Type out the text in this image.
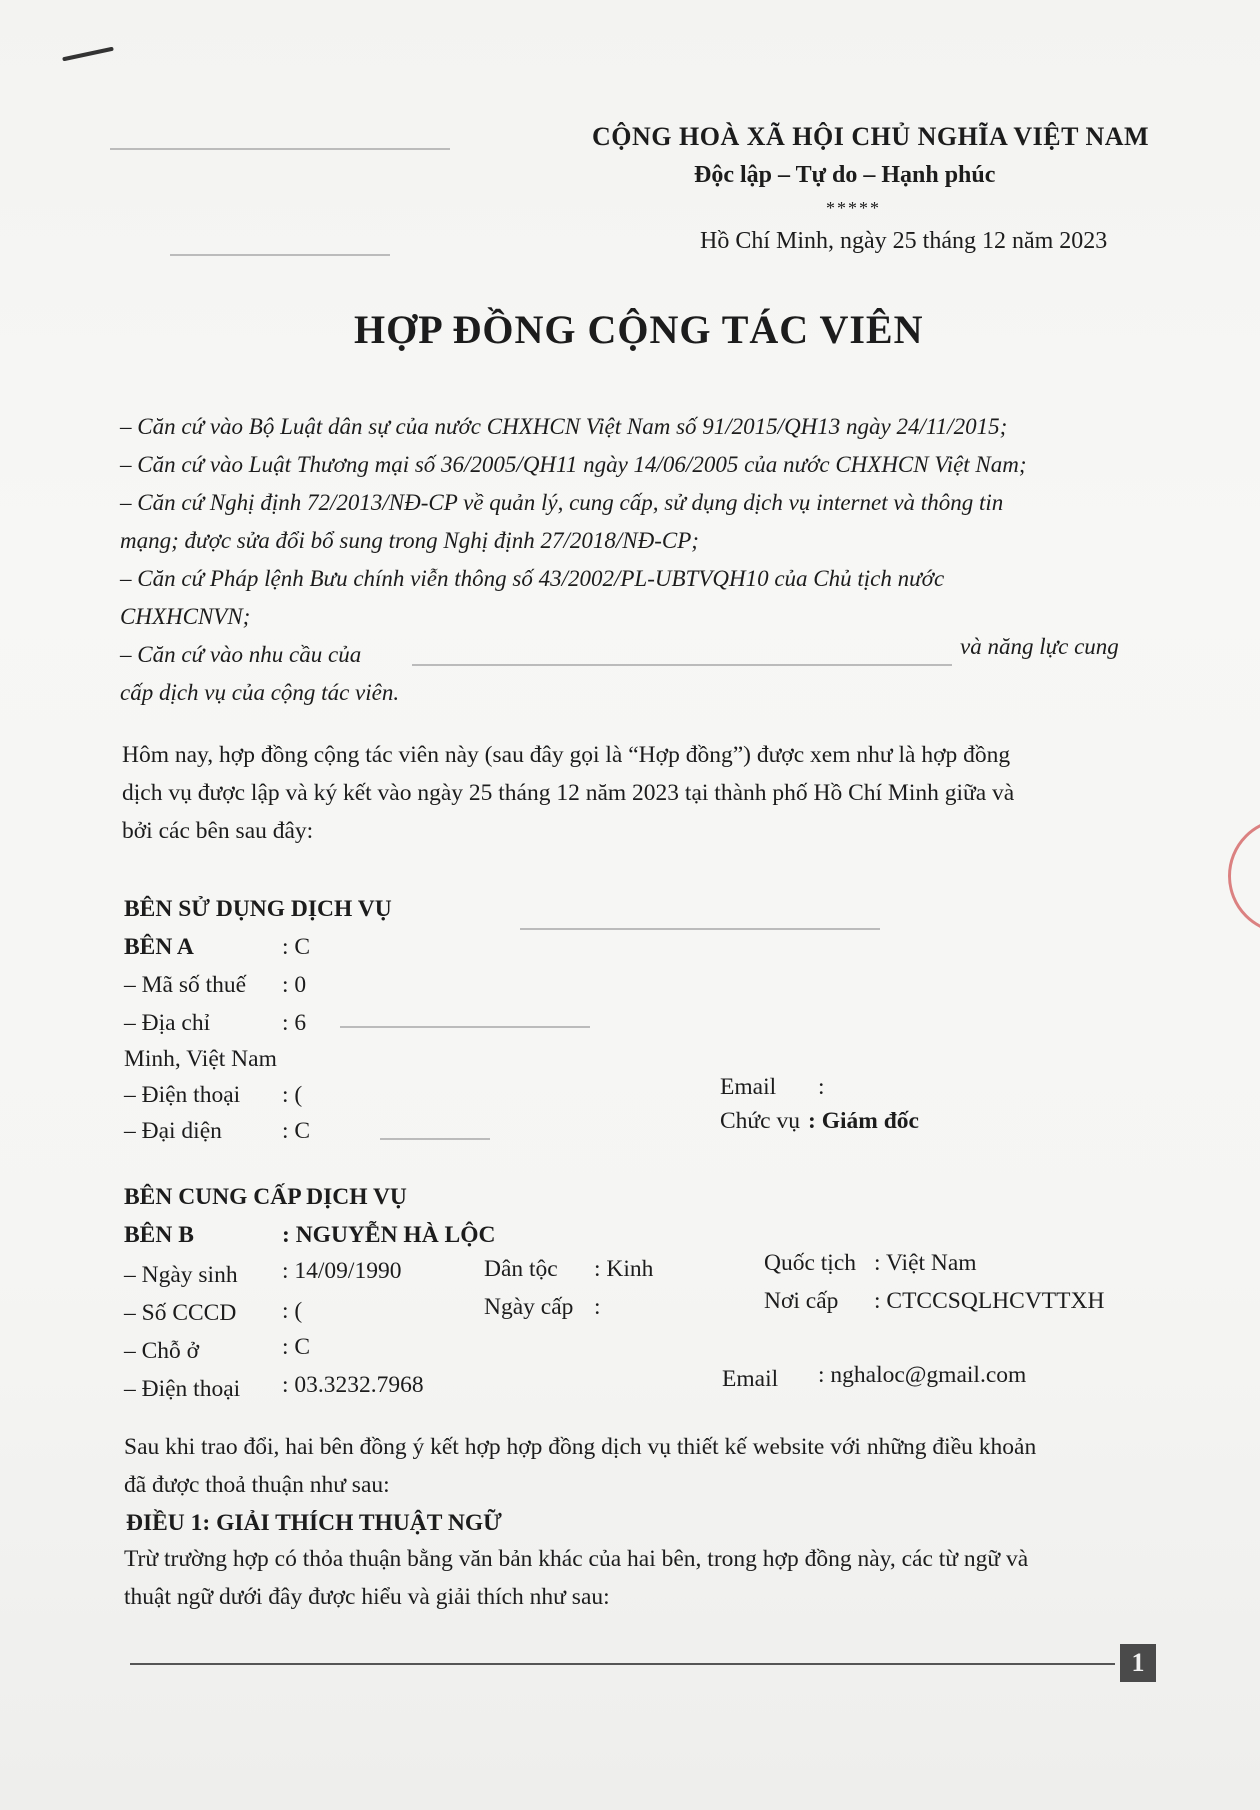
CỘNG HOÀ XÃ HỘI CHỦ NGHĨA VIỆT NAM
Độc lập – Tự do – Hạnh phúc
*****
Hồ Chí Minh, ngày 25 tháng 12 năm 2023
HỢP ĐỒNG CỘNG TÁC VIÊN
– Căn cứ vào Bộ Luật dân sự của nước CHXHCN Việt Nam số 91/2015/QH13 ngày 24/11/2015;
– Căn cứ vào Luật Thương mại số 36/2005/QH11 ngày 14/06/2005 của nước CHXHCN Việt Nam;
– Căn cứ Nghị định 72/2013/NĐ-CP về quản lý, cung cấp, sử dụng dịch vụ internet và thông tin
mạng; được sửa đổi bổ sung trong Nghị định 27/2018/NĐ-CP;
– Căn cứ Pháp lệnh Bưu chính viễn thông số 43/2002/PL-UBTVQH10 của Chủ tịch nước
CHXHCNVN;
– Căn cứ vào nhu cầu của	và năng lực cung
cấp dịch vụ của cộng tác viên.
Hôm nay, hợp đồng cộng tác viên này (sau đây gọi là “Hợp đồng”) được xem như là hợp đồng
dịch vụ được lập và ký kết vào ngày 25 tháng 12 năm 2023 tại thành phố Hồ Chí Minh giữa và
bởi các bên sau đây:
BÊN SỬ DỤNG DỊCH VỤ
BÊN A	: C
– Mã số thuế : 0
– Địa chỉ	: 6
Minh, Việt Nam
– Điện thoại : (	Email :
– Đại diện	: C	Chức vụ : Giám đốc
BÊN CUNG CẤP DỊCH VỤ
BÊN B	: NGUYỄN HÀ LỘC
– Ngày sinh : 14/09/1990	Dân tộc : Kinh	Quốc tịch : Việt Nam
– Số CCCD : (	Ngày cấp :	Nơi cấp : CTCCSQLHCVTTXH
– Chỗ ở	: C
– Điện thoại : 03.3232.7968	Email : nghaloc@gmail.com
Sau khi trao đổi, hai bên đồng ý kết hợp hợp đồng dịch vụ thiết kế website với những điều khoản
đã được thoả thuận như sau:
ĐIỀU 1: GIẢI THÍCH THUẬT NGỮ
Trừ trường hợp có thỏa thuận bằng văn bản khác của hai bên, trong hợp đồng này, các từ ngữ và
thuật ngữ dưới đây được hiểu và giải thích như sau:
1
